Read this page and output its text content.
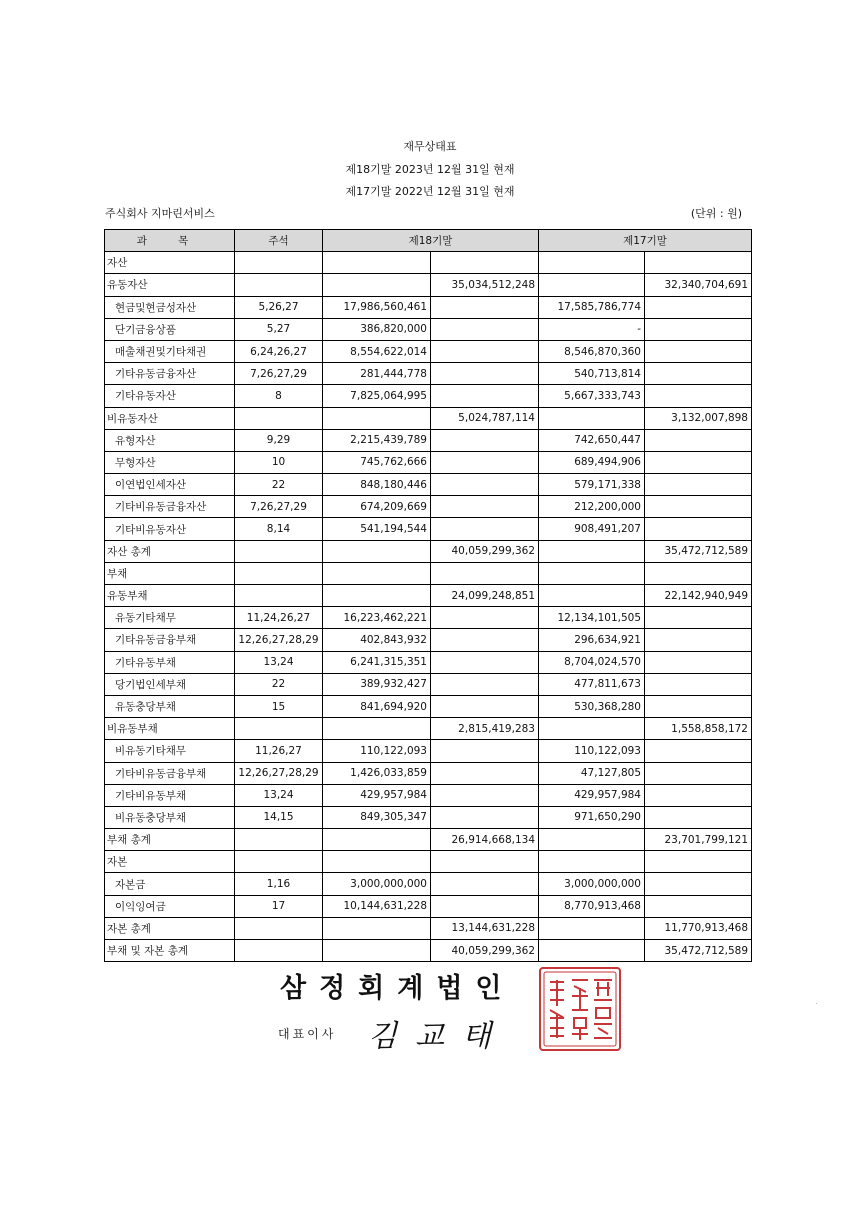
재무상태표
제18기말 2023년 12월 31일 현재
제17기말 2022년 12월 31일 현재
주식회사 지마린서비스	(단위 : 원)
과 목	주석	제18기말		제17기말	
자산					
유동자산			35,034,512,248		32,340,704,691
현금및현금성자산	5,26,27	17,986,560,461		17,585,786,774	
단기금융상품	5,27	386,820,000		-	
매출채권및기타채권	6,24,26,27	8,554,622,014		8,546,870,360	
기타유동금융자산	7,26,27,29	281,444,778		540,713,814	
기타유동자산	8	7,825,064,995		5,667,333,743	
비유동자산			5,024,787,114		3,132,007,898
유형자산	9,29	2,215,439,789		742,650,447	
무형자산	10	745,762,666		689,494,906	
이연법인세자산	22	848,180,446		579,171,338	
기타비유동금융자산	7,26,27,29	674,209,669		212,200,000	
기타비유동자산	8,14	541,194,544		908,491,207	
자산 총계			40,059,299,362		35,472,712,589
부채					
유동부채			24,099,248,851		22,142,940,949
유동기타채무	11,24,26,27	16,223,462,221		12,134,101,505	
기타유동금융부채	12,26,27,28,29	402,843,932		296,634,921	
기타유동부채	13,24	6,241,315,351		8,704,024,570	
당기법인세부채	22	389,932,427		477,811,673	
유동충당부채	15	841,694,920		530,368,280	
비유동부채			2,815,419,283		1,558,858,172
비유동기타채무	11,26,27	110,122,093		110,122,093	
기타비유동금융부채	12,26,27,28,29	1,426,033,859		47,127,805	
기타비유동부채	13,24	429,957,984		429,957,984	
비유동충당부채	14,15	849,305,347		971,650,290	
부채 총계			26,914,668,134		23,701,799,121
자본					
자본금	1,16	3,000,000,000		3,000,000,000	
이익잉여금	17	10,144,631,228		8,770,913,468	
자본 총계			13,144,631,228		11,770,913,468
부채 및 자본 총계			40,059,299,362		35,472,712,589
삼정회계법인
대표이사 김교태
